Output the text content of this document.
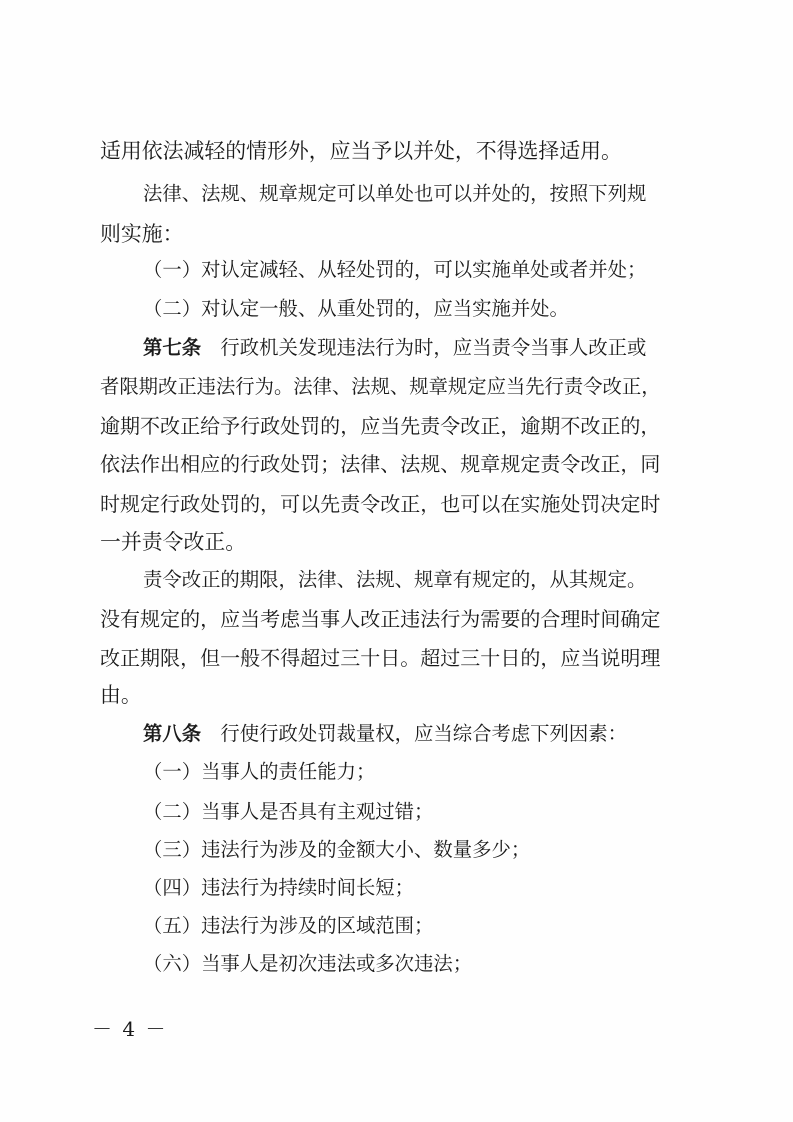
适用依法减轻的情形外，应当予以并处，不得选择适用。
法律、法规、规章规定可以单处也可以并处的，按照下列规
则实施：
（一）对认定减轻、从轻处罚的，可以实施单处或者并处；
（二）对认定一般、从重处罚的，应当实施并处。
第七条　行政机关发现违法行为时，应当责令当事人改正或
者限期改正违法行为。法律、法规、规章规定应当先行责令改正，
逾期不改正给予行政处罚的，应当先责令改正，逾期不改正的，
依法作出相应的行政处罚；法律、法规、规章规定责令改正，同
时规定行政处罚的，可以先责令改正，也可以在实施处罚决定时
一并责令改正。
责令改正的期限，法律、法规、规章有规定的，从其规定。
没有规定的，应当考虑当事人改正违法行为需要的合理时间确定
改正期限，但一般不得超过三十日。超过三十日的，应当说明理
由。
第八条　行使行政处罚裁量权，应当综合考虑下列因素：
（一）当事人的责任能力；
（二）当事人是否具有主观过错；
（三）违法行为涉及的金额大小、数量多少；
（四）违法行为持续时间长短；
（五）违法行为涉及的区域范围；
（六）当事人是初次违法或多次违法；
－ 4 －
